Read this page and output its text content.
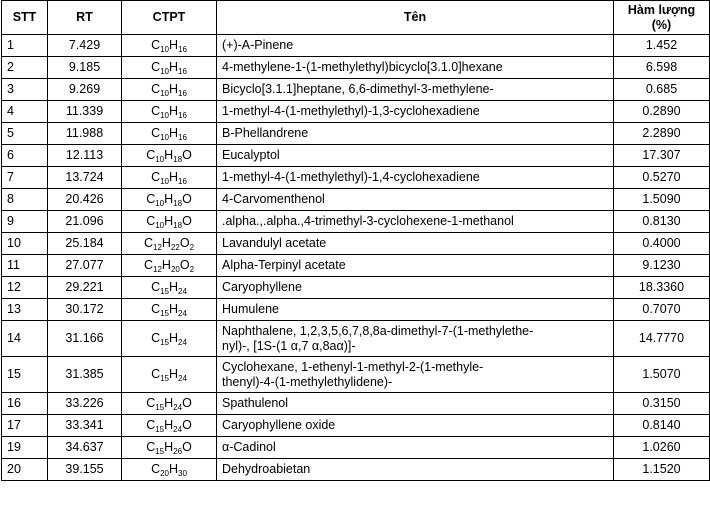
STT	RT	CTPT	Tên	Hàm lượng
(%)
1	7.429	$C_{10}H_{16}$	(+)-A-Pinene	1.452
2	9.185	$C_{10}H_{16}$	4-methylene-1-(1-methylethyl)bicyclo[3.1.0]hexane	6.598
3	9.269	$C_{10}H_{16}$	Bicyclo[3.1.1]heptane, 6,6-dimethyl-3-methylene-	0.685
4	11.339	$C_{10}H_{16}$	1-methyl-4-(1-methylethyl)-1,3-cyclohexadiene	0.2890
5	11.988	$C_{10}H_{16}$	B-Phellandrene	2.2890
6	12.113	$C_{10}H_{18}O$	Eucalyptol	17.307
7	13.724	$C_{10}H_{16}$	1-methyl-4-(1-methylethyl)-1,4-cyclohexadiene	0.5270
8	20.426	$C_{10}H_{18}O$	4-Carvomenthenol	1.5090
9	21.096	$C_{10}H_{18}O$	.alpha.,.alpha.,4-trimethyl-3-cyclohexene-1-methanol	0.8130
10	25.184	$C_{12}H_{22}O_2$	Lavandulyl acetate	0.4000
11	27.077	$C_{12}H_{20}O_2$	Alpha-Terpinyl acetate	9.1230
12	29.221	$C_{15}H_{24}$	Caryophyllene	18.3360
13	30.172	$C_{15}H_{24}$	Humulene	0.7070
14	31.166	$C_{15}H_{24}$	Naphthalene, 1,2,3,5,6,7,8,8a-dimethyl-7-(1-methylethe-
nyl)-, [1S-(1 α,7 α,8aα)]-	14.7770
15	31.385	$C_{15}H_{24}$	Cyclohexane, 1-ethenyl-1-methyl-2-(1-methyle-
thenyl)-4-(1-methylethylidene)-	1.5070
16	33.226	$C_{15}H_{24}O$	Spathulenol	0.3150
17	33.341	$C_{15}H_{24}O$	Caryophyllene oxide	0.8140
19	34.637	$C_{15}H_{26}O$	α-Cadinol	1.0260
20	39.155	$C_{20}H_{30}$	Dehydroabietan	1.1520
